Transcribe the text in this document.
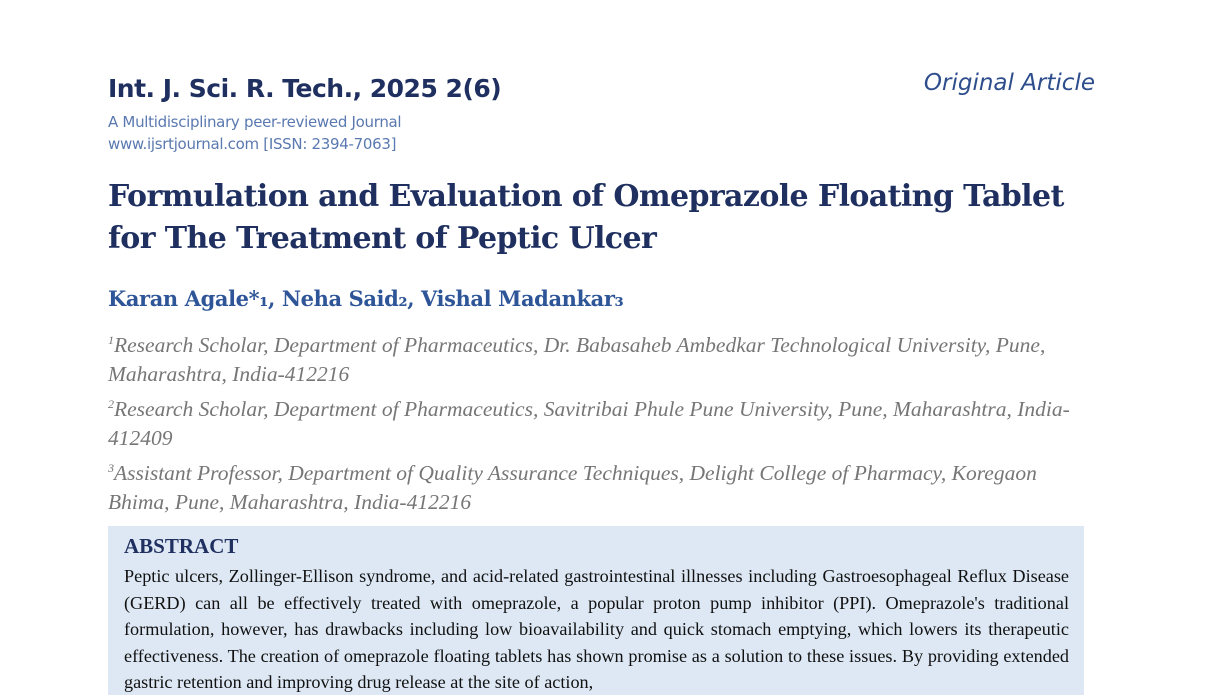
Int. J. Sci. R. Tech., 2025 2(6)	Original Article
A Multidisciplinary peer-reviewed Journal
www.ijsrtjournal.com [ISSN: 2394-7063]
Formulation and Evaluation of Omeprazole Floating Tablet for The Treatment of Peptic Ulcer
Karan Agale*₁, Neha Said₂, Vishal Madankar₃

$^1$Research Scholar, Department of Pharmaceutics, Dr. Babasaheb Ambedkar Technological University, Pune, Maharashtra, India-412216

$^2$Research Scholar, Department of Pharmaceutics, Savitribai Phule Pune University, Pune, Maharashtra, India-412409

$^3$Assistant Professor, Department of Quality Assurance Techniques, Delight College of Pharmacy, Koregaon Bhima, Pune, Maharashtra, India-412216

ABSTRACT

Peptic ulcers, Zollinger-Ellison syndrome, and acid-related gastrointestinal illnesses including Gastroesophageal Reflux Disease (GERD) can all be effectively treated with omeprazole, a popular proton pump inhibitor (PPI). Omeprazole's traditional formulation, however, has drawbacks including low bioavailability and quick stomach emptying, which lowers its therapeutic effectiveness. The creation of omeprazole floating tablets has shown promise as a solution to these issues. By providing extended gastric retention and improving drug release at the site of action,
